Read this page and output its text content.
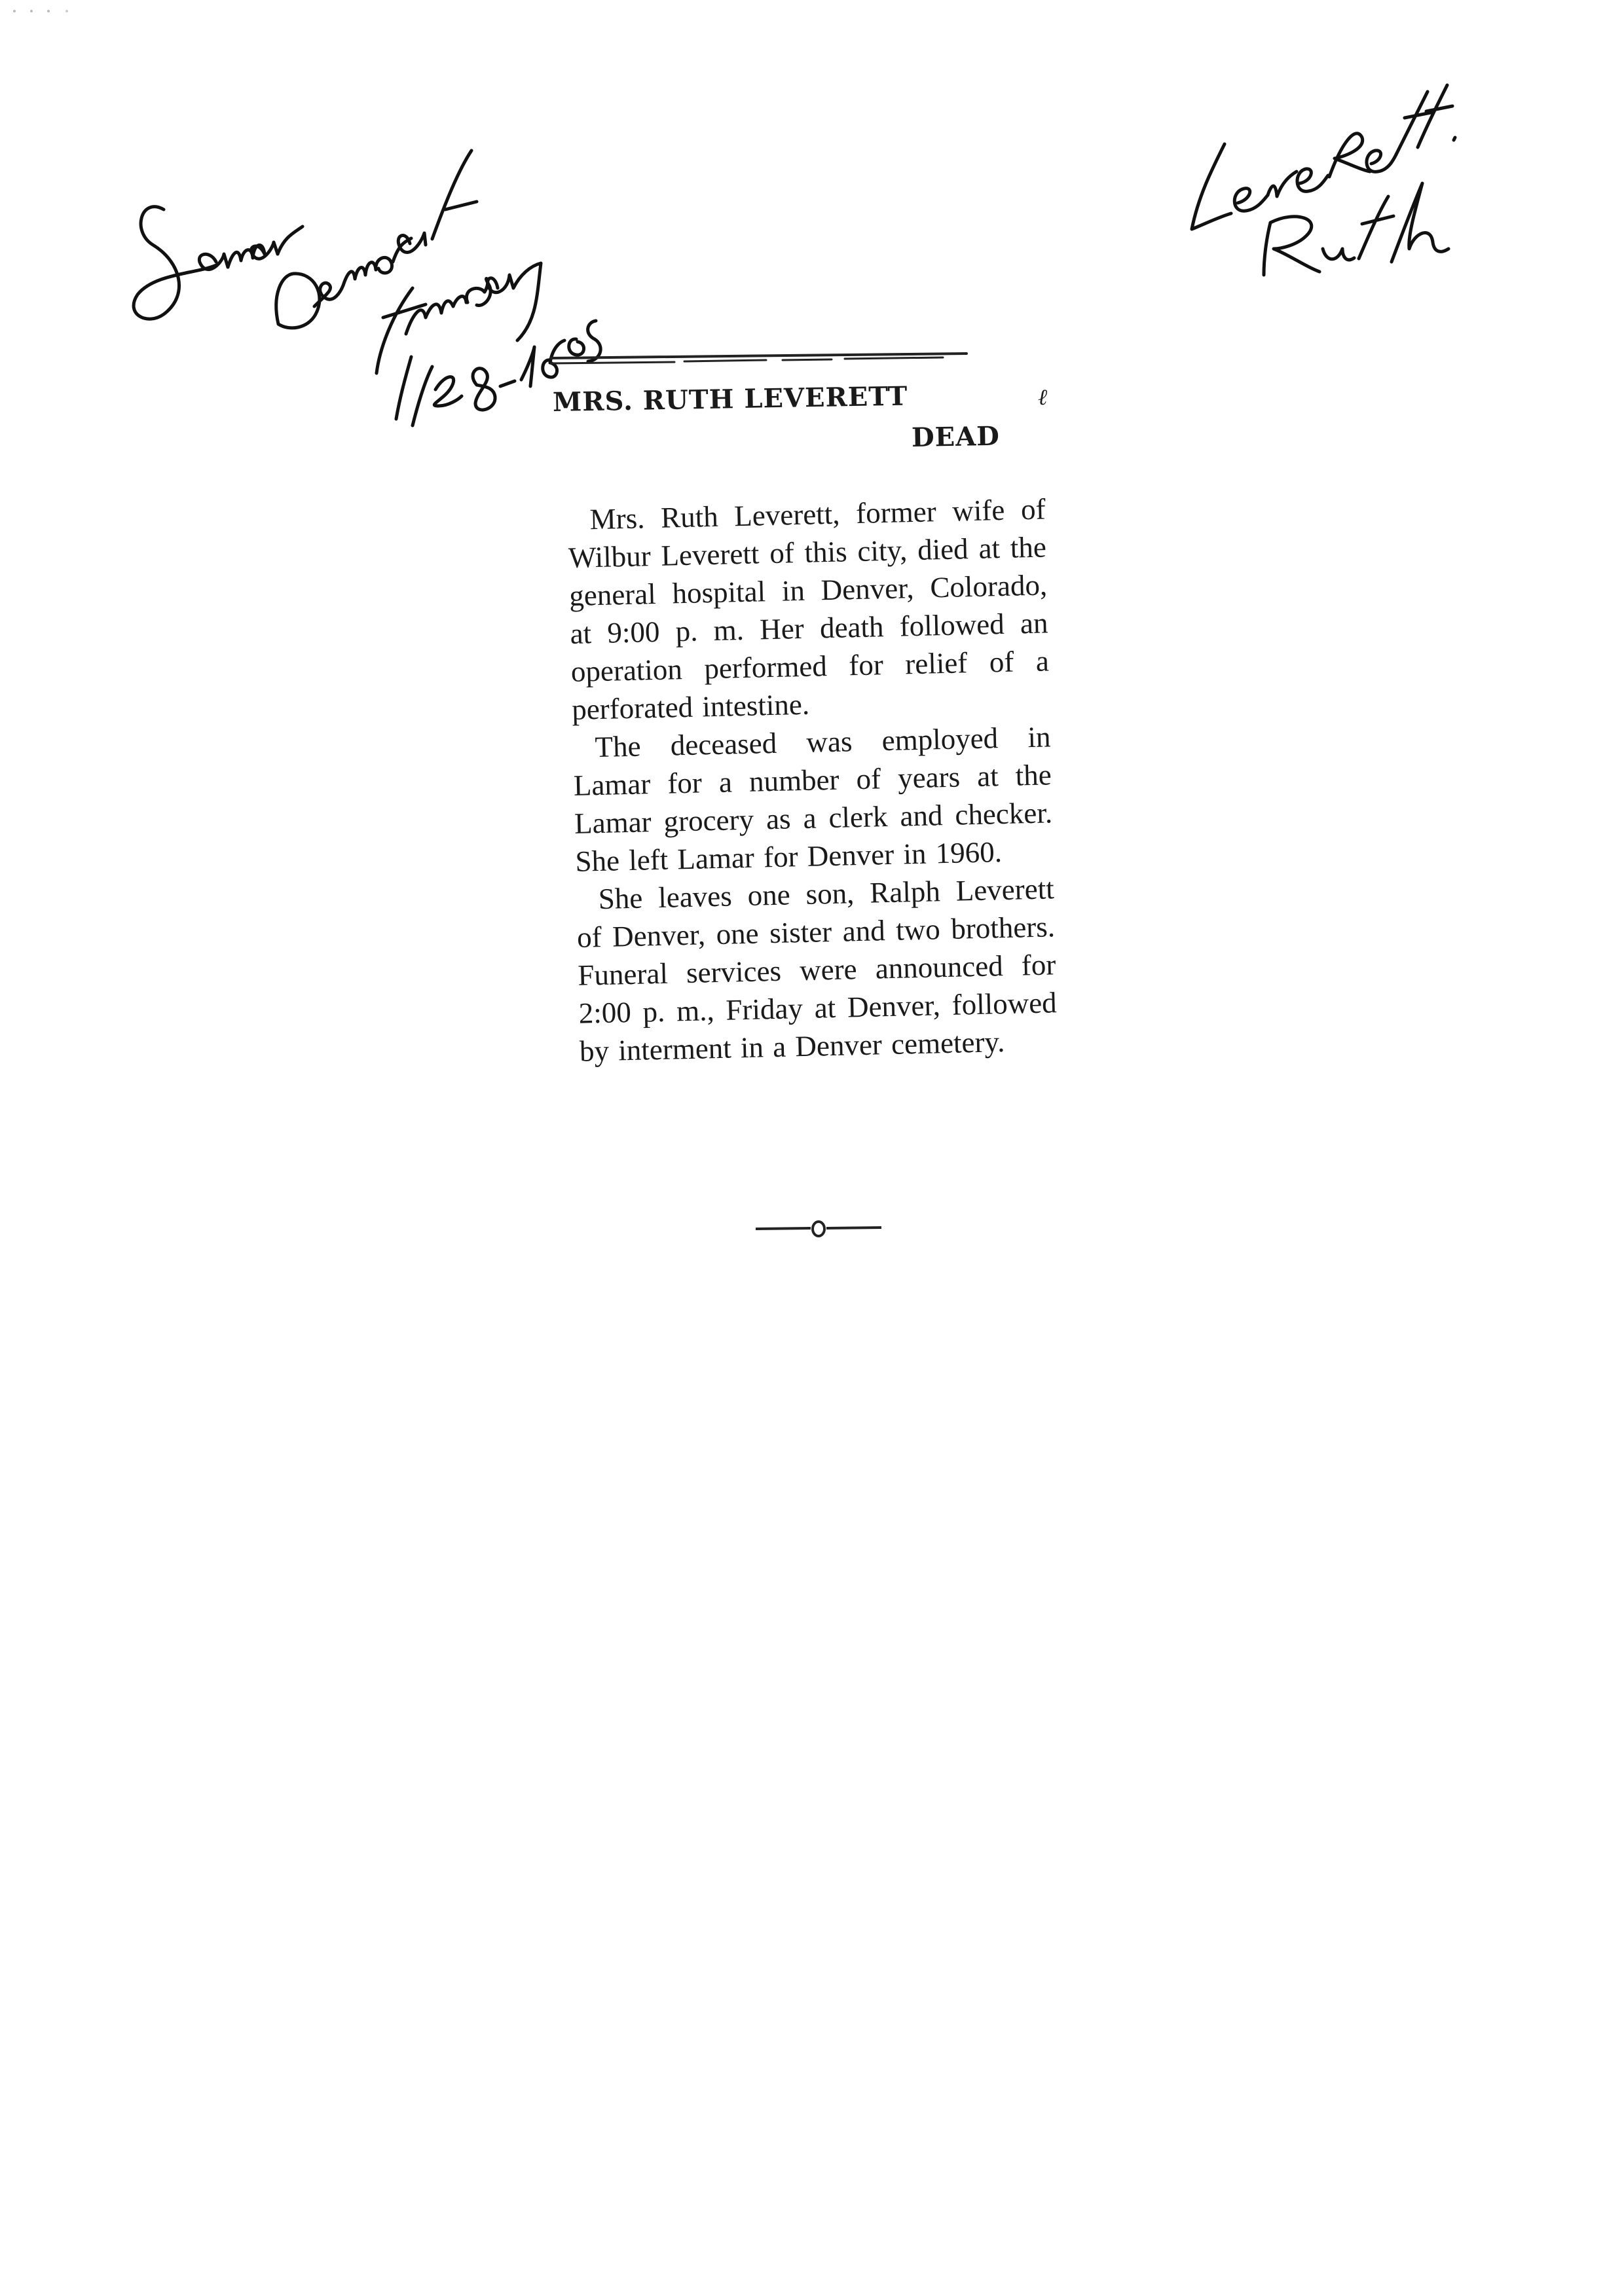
MRS. RUTH LEVERETT	ℓ
DEAD

Mrs. Ruth Leverett, former wife of Wilbur Leverett of this city, died at the general hospital in Denver, Colorado, at 9:00 p. m. Her death followed an operation performed for relief of a perforated intestine.

The deceased was employed in Lamar for a number of years at the Lamar grocery as a clerk and checker. She left Lamar for Denver in 1960.

She leaves one son, Ralph Leverett of Denver, one sister and two brothers. Funeral services were announced for 2:00 p. m., Friday at Denver, followed by interment in a Denver cemetery.
